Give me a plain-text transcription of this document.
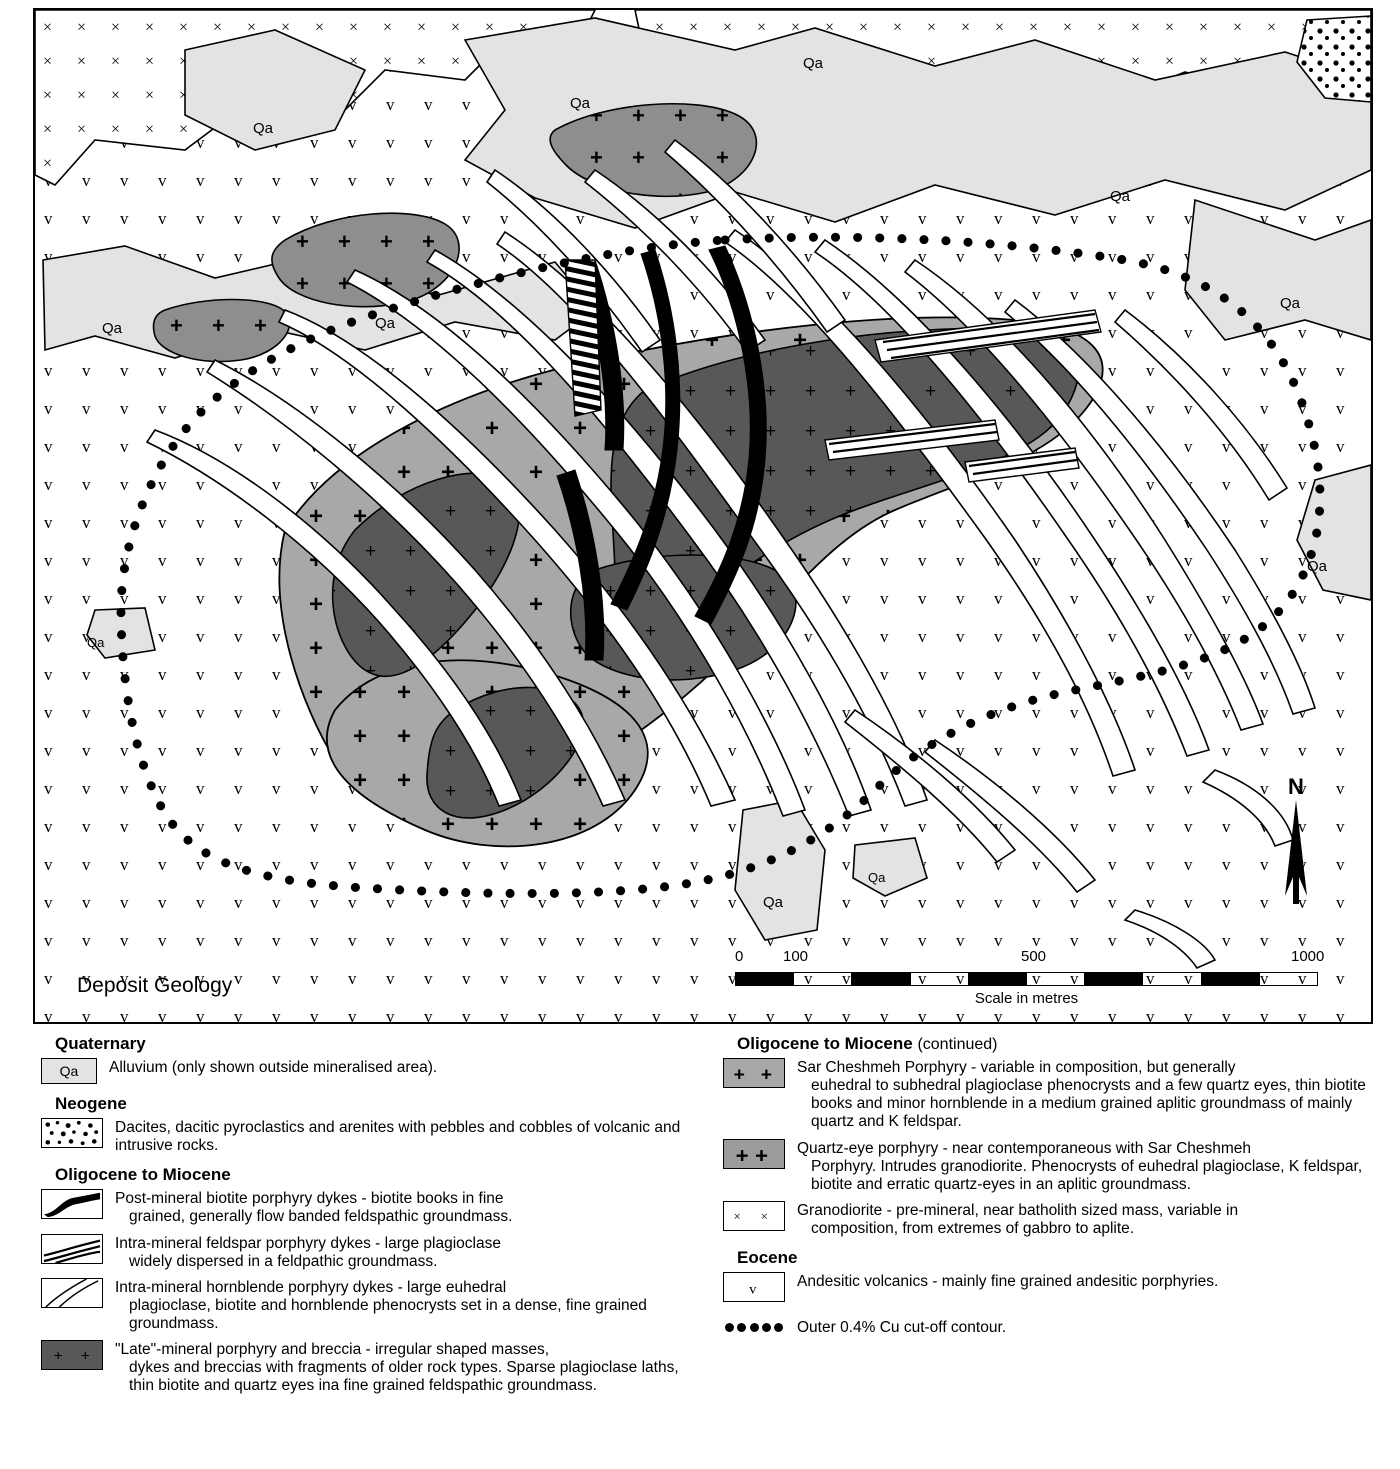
Qa
Qa
Qa
Qa
Qa
Qa
Qa	Qa
Qa
Qa
Qa
Deposit Geology
N
0	100	500	1000
Scale in metres
Quaternary
Qa	Alluvium (only shown outside mineralised area).
Neogene
Dacites, dacitic pyroclastics and arenites with pebbles and cobbles of volcanic and intrusive rocks.
Oligocene to Miocene
Post-mineral biotite porphyry dykes - biotite books in fine
grained, generally flow banded feldspathic groundmass.
Intra-mineral feldspar porphyry dykes - large plagioclase
widely dispersed in a feldpathic groundmass.
Intra-mineral hornblende porphyry dykes - large euhedral
plagioclase, biotite and hornblende phenocrysts set in a dense, fine grained groundmass.
+ + "Late"-mineral porphyry and breccia - irregular shaped masses,
dykes and breccias with fragments of older rock types. Sparse plagioclase laths, thin biotite and quartz eyes ina fine grained feldspathic groundmass.
Oligocene to Miocene (continued)
+ + Sar Cheshmeh Porphyry - variable in composition, but generally
euhedral to subhedral plagioclase phenocrysts and a few quartz eyes, thin biotite books and minor hornblende in a medium grained aplitic groundmass of mainly quartz and K feldspar.
+ + Quartz-eye porphyry - near contemporaneous with Sar Cheshmeh
Porphyry. Intrudes granodiorite. Phenocrysts of euhedral plagioclase, K feldspar, biotite and erratic quartz-eyes in an aplitic groundmass.
× × Granodiorite - pre-mineral, near batholith sized mass, variable in
composition, from extremes of gabbro to aplite.
Eocene
v	Andesitic volcanics - mainly fine grained andesitic porphyries.
Outer 0.4% Cu cut-off contour.
